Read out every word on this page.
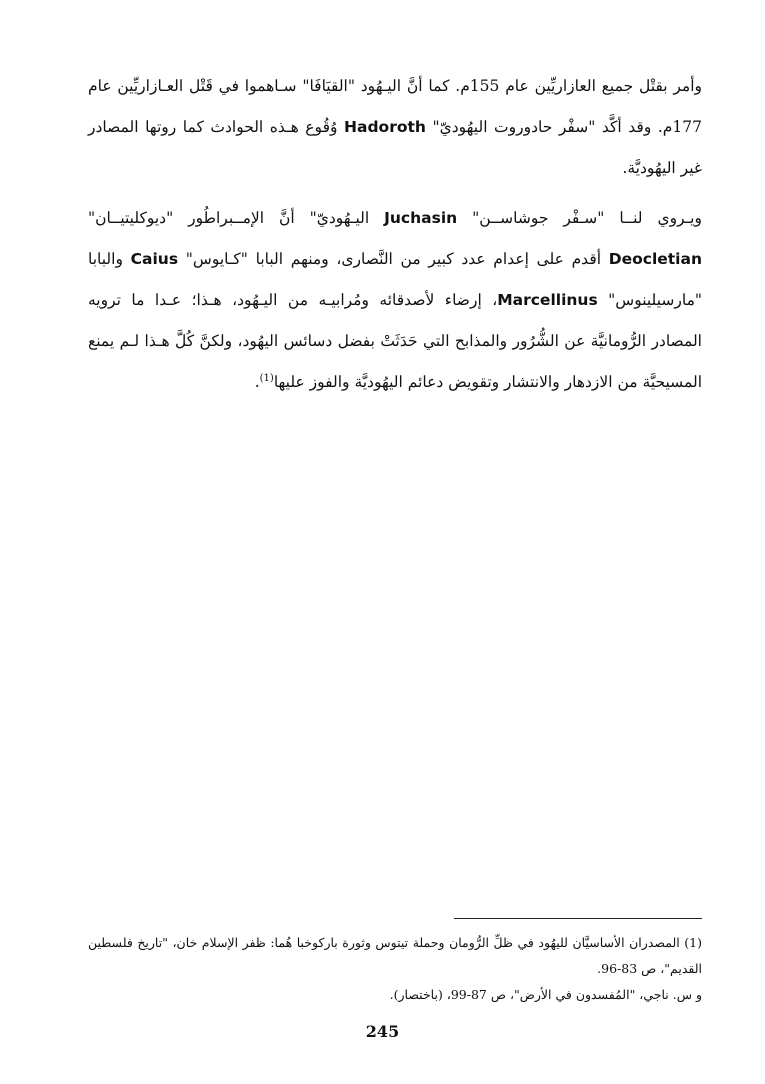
وأمر بقتْل جميع العازاريِّين عام 155م. كما أنَّ اليـهُود "القيَافَا" سـاهموا في قَتْل العـازاريِّين عام 177م. وقد أكَّد "سفْر حادوروت اليهُوديّ" Hadoroth وُقُوع هـذه الحوادث كما روتها المصادر غير اليهُوديَّة.

ويـروي لنــا "سـفْر جوشاســن" Juchasin اليـهُوديّ" أنَّ الإمــبراطُور "ديوكليتيــان" Deocletian أقدم على إعدام عدد كبير من النَّصارى، ومنهم البابا "كـايوس" Caius والبابا "مارسيلينوس" Marcellinus، إرضاء لأصدقائه ومُرابيـه من اليـهُود، هـذا؛ عـدا ما ترويه المصادر الرُّومانيَّة عن الشُّرُور والمذابح التي حَدَثَتْ بفضل دسائس اليهُود، ولكنَّ كُلَّ هـذا لـم يمنع المسيحيَّة من الازدهار والانتشار وتقويض دعائم اليهُوديَّة والفوز عليها$^{(1)}$.

(1) المصدران الأساسيَّان لليهُود في ظلِّ الرُّومان وحملة تيتوس وثورة باركوخبا هُما: ظفر الإسلام خان، "تاريخ فلسطين القديم"، ص 83-96.

و س. ناجي، "المُفسدون في الأرض"، ص 87-99، (باختصار).

245
